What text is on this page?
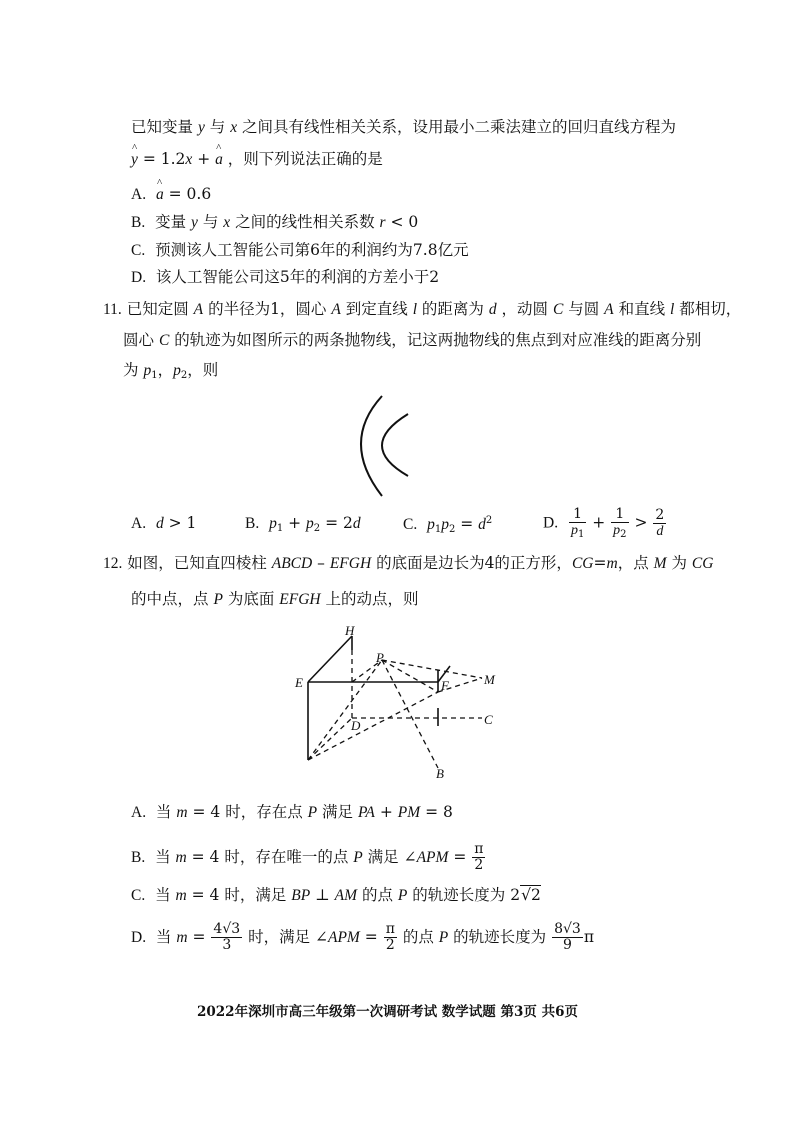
已知变量 y 与 x 之间具有线性相关关系，设用最小二乘法建立的回归直线方程为
y ^ = 1.2x + a ^ ，则下列说法正确的是
A. a ^ = 0.6
B.  变量 y 与 x 之间的线性相关系数 r < 0
C.  预测该人工智能公司第6年的利润约为7.8亿元
D.  该人工智能公司这5年的利润的方差小于2
11. 已知定圆 A 的半径为1，圆心 A 到定直线 l 的距离为 d ，动圆 C 与圆 A 和直线 l 都相切，
圆心 C 的轨迹为如图所示的两条抛物线，记这两抛物线的焦点到对应准线的距离分别
为 $p_1$，$p_2$，则
A. d > 1	B. $p_1 + p_2 = 2d$	C. $p_1p_2 = d^2$	D. $\frac{1}{p_1} + \frac{1}{p_2} > \frac{2}{d}$
12. 如图，已知直四棱柱 ABCD – EFGH 的底面是边长为4的正方形，CG=m，点 M 为 CG
的中点，点 P 为底面 EFGH 上的动点，则
H
P
E	F	M
D	C
B
A.  当 m = 4 时，存在点 P 满足 PA + PM = 8
B.  当 m = 4 时，存在唯一的点 P 满足 ∠APM = $\frac{\pi}{2}$
C.  当 m = 4 时，满足 BP ⊥ AM 的点 P 的轨迹长度为 2√2
D.  当 $m = \frac{4√3}{3}$ 时，满足 ∠APM = $\frac{\pi}{2}$ 的点 P 的轨迹长度为 $\frac{8√3}{9}$ π
2022年深圳市高三年级第一次调研考试 数学试题 第3页 共6页
